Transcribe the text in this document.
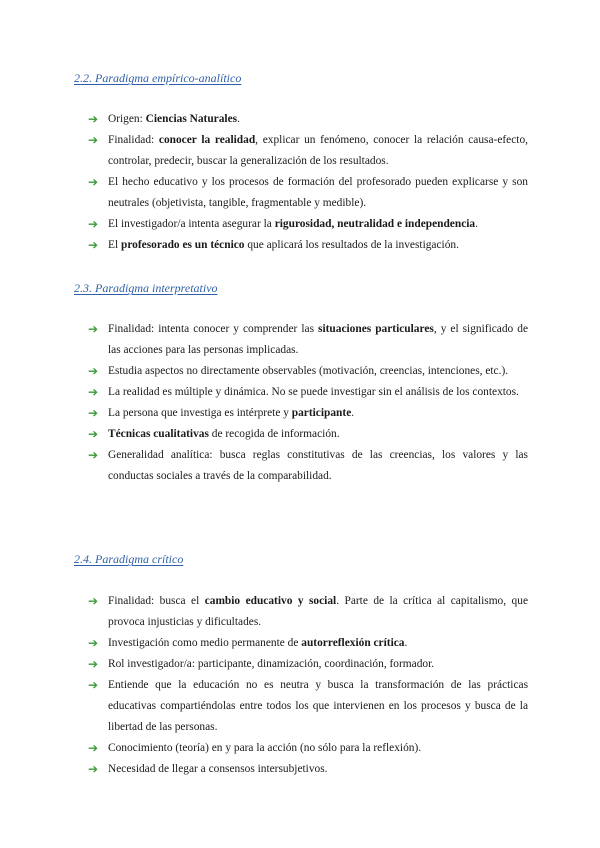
2.2. Paradigma empírico-analítico
➔ Origen: Ciencias Naturales.
➔ Finalidad: conocer la realidad, explicar un fenómeno, conocer la relación causa-efecto, controlar, predecir, buscar la generalización de los resultados.
➔ El hecho educativo y los procesos de formación del profesorado pueden explicarse y son neutrales (objetivista, tangible, fragmentable y medible).
➔ El investigador/a intenta asegurar la rigurosidad, neutralidad e independencia.
➔ El profesorado es un técnico que aplicará los resultados de la investigación.
2.3. Paradigma interpretativo
➔ Finalidad: intenta conocer y comprender las situaciones particulares, y el significado de las acciones para las personas implicadas.
➔ Estudia aspectos no directamente observables (motivación, creencias, intenciones, etc.).
➔ La realidad es múltiple y dinámica. No se puede investigar sin el análisis de los contextos.
➔ La persona que investiga es intérprete y participante.
➔ Técnicas cualitativas de recogida de información.
➔ Generalidad analítica: busca reglas constitutivas de las creencias, los valores y las conductas sociales a través de la comparabilidad.
2.4. Paradigma crítico
➔ Finalidad: busca el cambio educativo y social. Parte de la crítica al capitalismo, que provoca injusticias y dificultades.
➔ Investigación como medio permanente de autorreflexión crítica.
➔ Rol investigador/a: participante, dinamización, coordinación, formador.
➔ Entiende que la educación no es neutra y busca la transformación de las prácticas educativas compartiéndolas entre todos los que intervienen en los procesos y busca de la libertad de las personas.
➔ Conocimiento (teoría) en y para la acción (no sólo para la reflexión).
➔ Necesidad de llegar a consensos intersubjetivos.
